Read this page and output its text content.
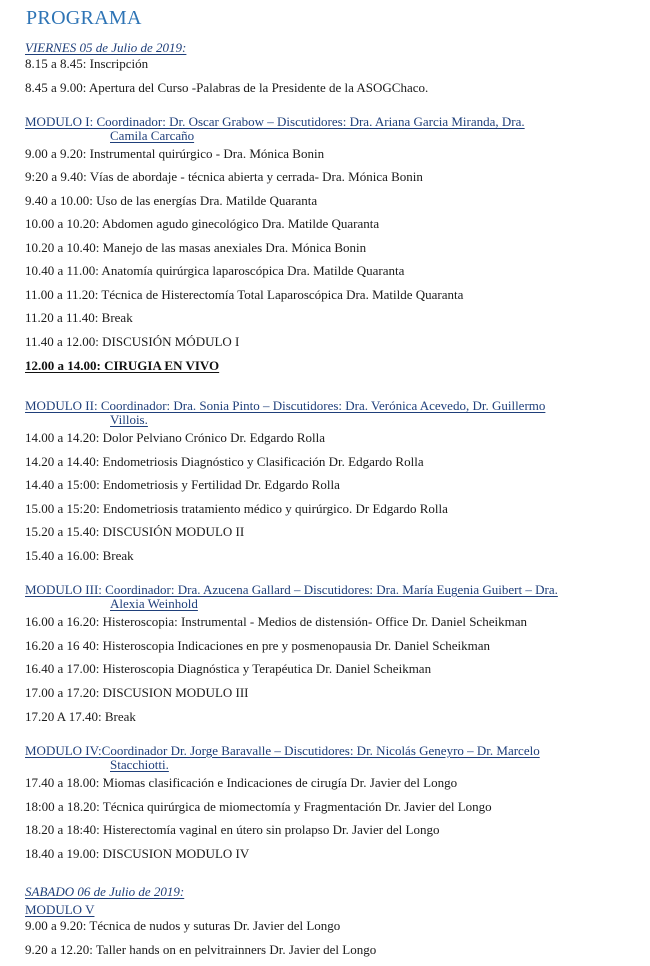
PROGRAMA
VIERNES 05 de Julio de 2019:
8.15 a 8.45: Inscripción
8.45 a 9.00: Apertura del Curso -Palabras de la Presidente de la ASOGChaco.
MODULO I: Coordinador: Dr. Oscar Grabow – Discutidores: Dra. Ariana Garcia Miranda, Dra.
Camila Carcaño
9.00 a 9.20: Instrumental quirúrgico - Dra. Mónica Bonin
9:20 a 9.40: Vías de abordaje - técnica abierta y cerrada- Dra. Mónica Bonin
9.40 a 10.00: Uso de las energías Dra. Matilde Quaranta
10.00 a 10.20: Abdomen agudo ginecológico Dra. Matilde Quaranta
10.20 a 10.40: Manejo de las masas anexiales Dra. Mónica Bonin
10.40 a 11.00: Anatomía quirúrgica laparoscópica Dra. Matilde Quaranta
11.00 a 11.20: Técnica de Histerectomía Total Laparoscópica Dra. Matilde Quaranta
11.20 a 11.40: Break
11.40 a 12.00: DISCUSIÓN MÓDULO I
12.00 a 14.00: CIRUGIA EN VIVO
MODULO II: Coordinador: Dra. Sonia Pinto – Discutidores: Dra. Verónica Acevedo, Dr. Guillermo
Villois.
14.00 a 14.20: Dolor Pelviano Crónico Dr. Edgardo Rolla
14.20 a 14.40: Endometriosis Diagnóstico y Clasificación Dr. Edgardo Rolla
14.40 a 15:00: Endometriosis y Fertilidad Dr. Edgardo Rolla
15.00 a 15:20: Endometriosis tratamiento médico y quirúrgico. Dr Edgardo Rolla
15.20 a 15.40: DISCUSIÓN MODULO II
15.40 a 16.00: Break
MODULO III: Coordinador: Dra. Azucena Gallard – Discutidores: Dra. María Eugenia Guibert – Dra.
Alexia Weinhold
16.00 a 16.20: Histeroscopia: Instrumental - Medios de distensión- Office Dr. Daniel Scheikman
16.20 a 16 40: Histeroscopia Indicaciones en pre y posmenopausia Dr. Daniel Scheikman
16.40 a 17.00: Histeroscopia Diagnóstica y Terapéutica Dr. Daniel Scheikman
17.00 a 17.20: DISCUSION MODULO III
17.20 A 17.40: Break
MODULO IV:Coordinador Dr. Jorge Baravalle – Discutidores: Dr. Nicolás Geneyro – Dr. Marcelo
Stacchiotti.
17.40 a 18.00: Miomas clasificación e Indicaciones de cirugía Dr. Javier del Longo
18:00 a 18.20: Técnica quirúrgica de miomectomía y Fragmentación Dr. Javier del Longo
18.20 a 18:40: Histerectomía vaginal en útero sin prolapso Dr. Javier del Longo
18.40 a 19.00: DISCUSION MODULO IV
SABADO 06 de Julio de 2019:
MODULO V
9.00 a 9.20: Técnica de nudos y suturas Dr. Javier del Longo
9.20 a 12.20: Taller hands on en pelvitrainners Dr. Javier del Longo
